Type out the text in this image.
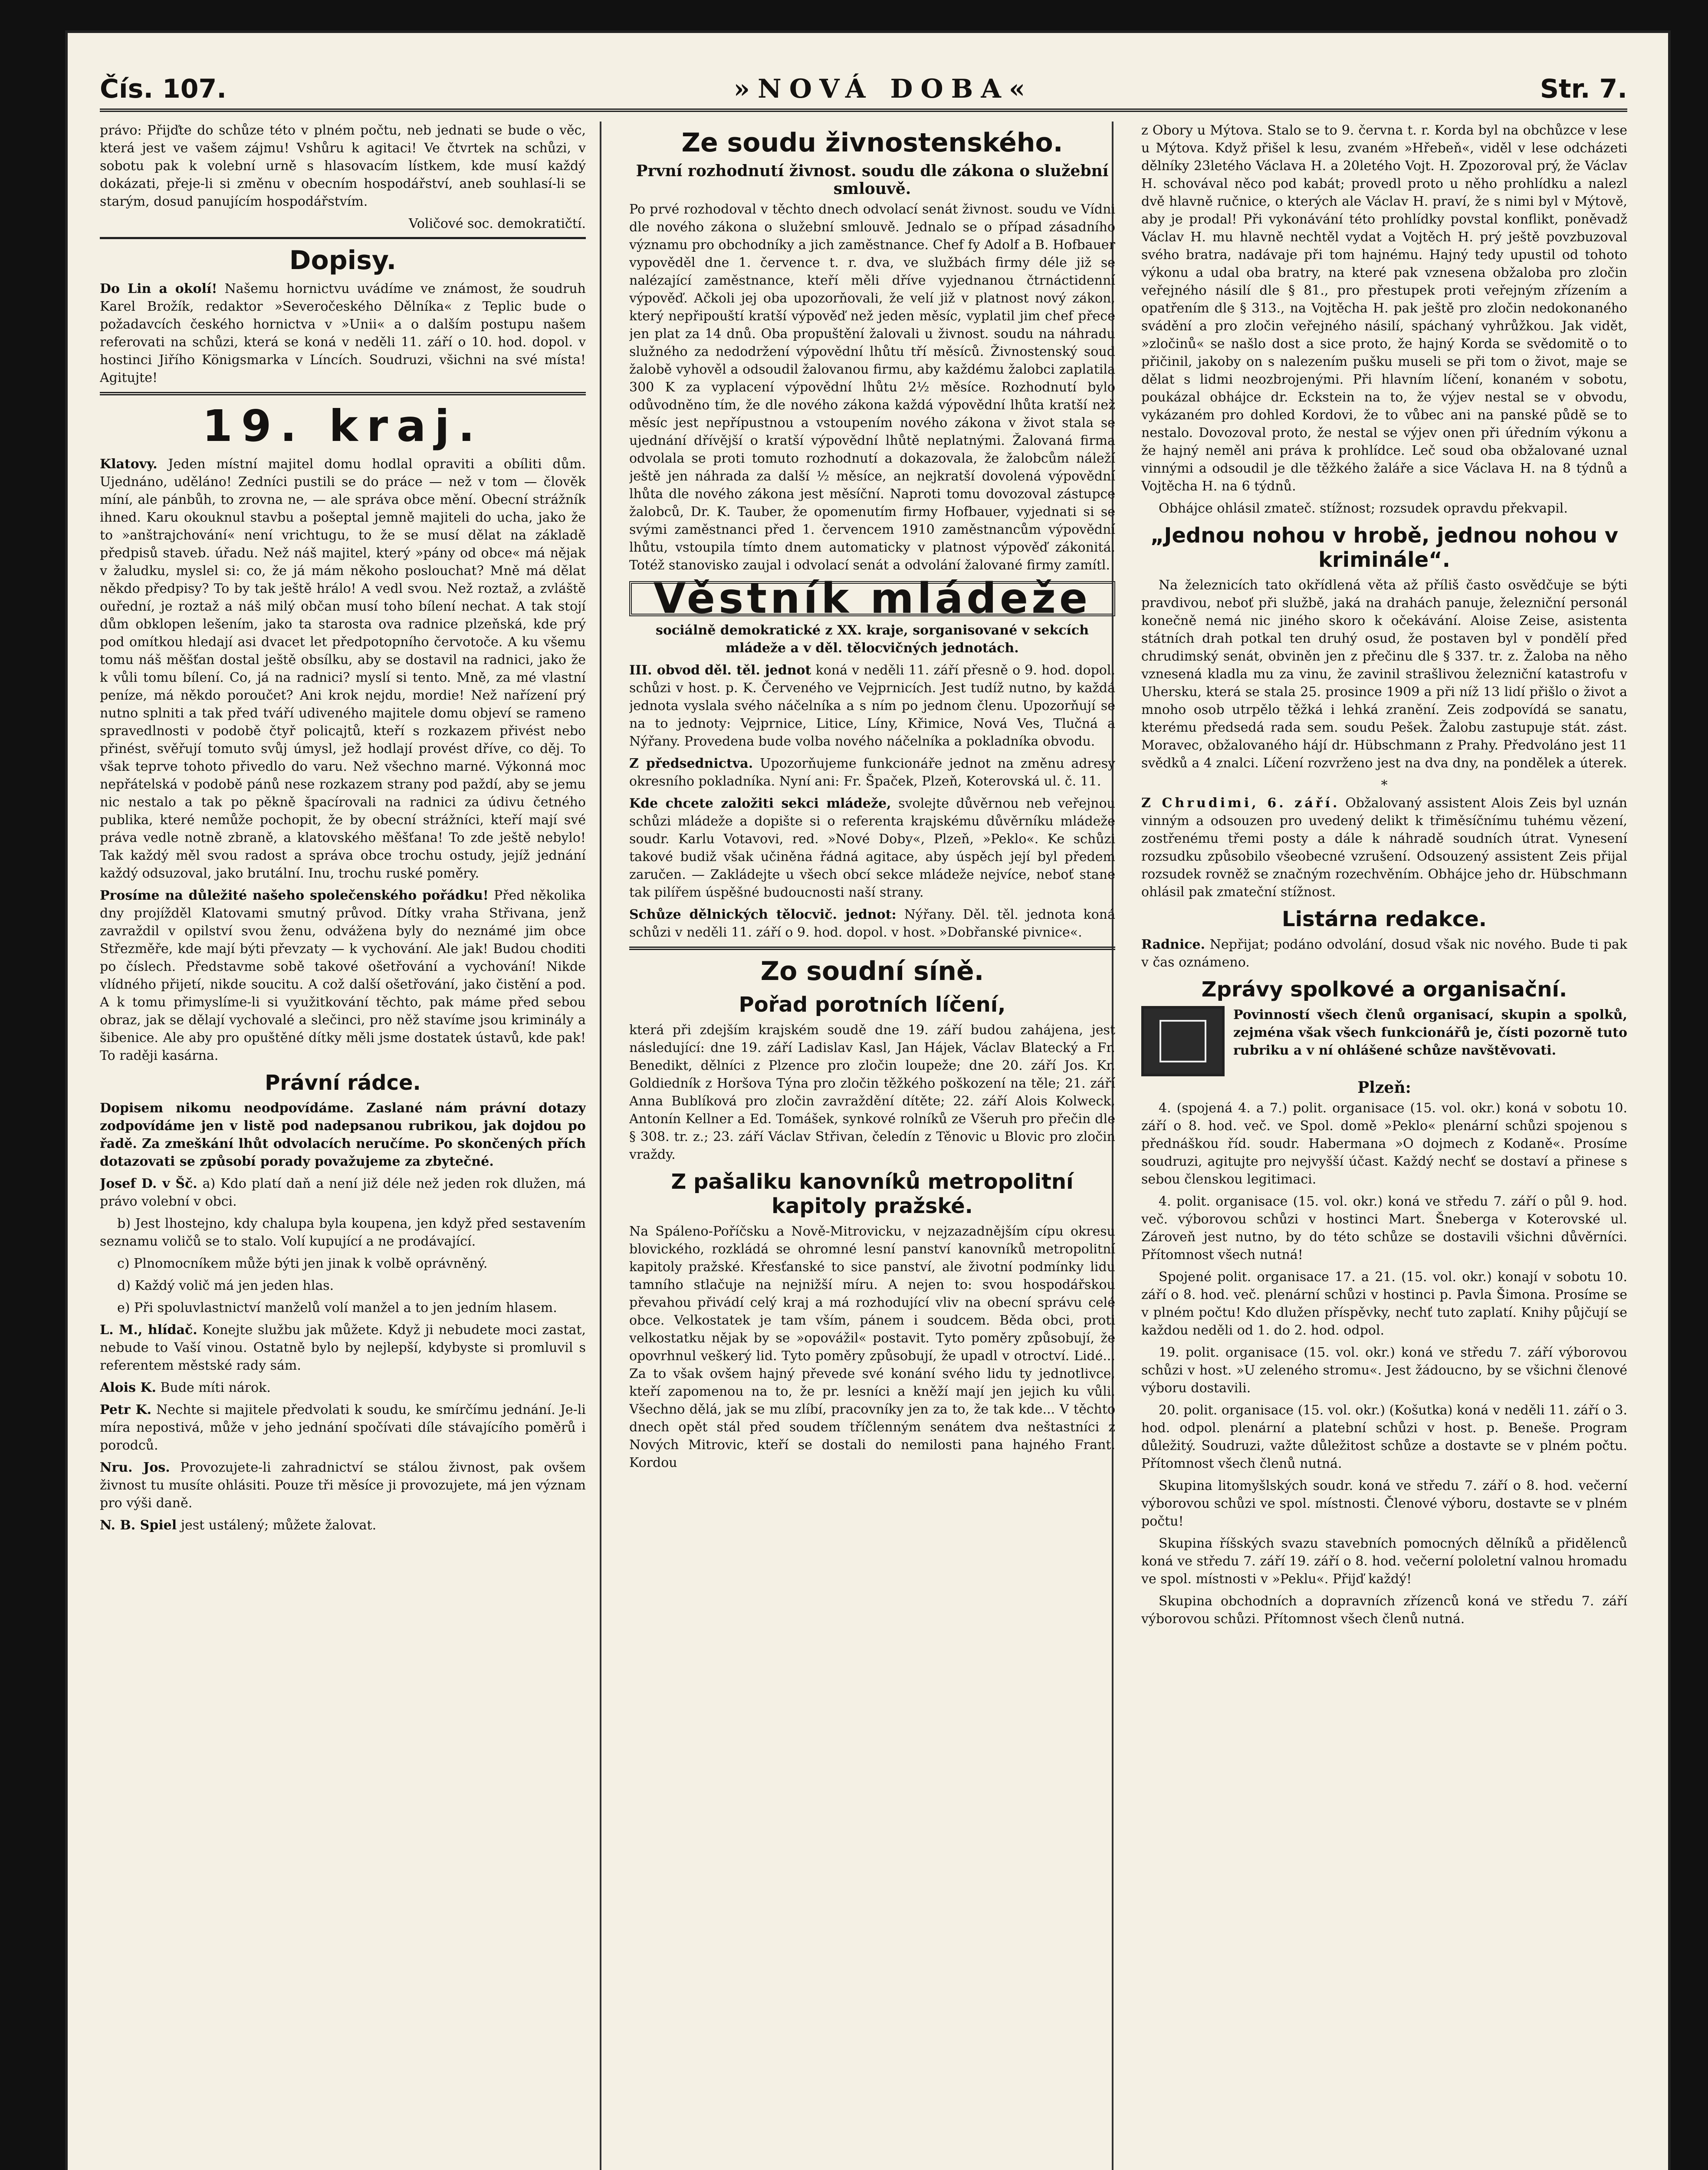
Čís. 107.	»NOVÁ DOBA«	Str. 7.

právo: Přijďte do schůze této v plném počtu, neb jednati se bude o věc, která jest ve vašem zájmu! Vshůru k agitaci! Ve čtvrtek na schůzi, v sobotu pak k volební urně s hlasovacím lístkem, kde musí každý dokázati, přeje-li si změnu v obecním hospodářství, aneb souhlasí-li se starým, dosud panujícím hospodářstvím.

Voličové soc. demokratičtí.

Dopisy.

Do Lin a okolí! Našemu hornictvu uvádíme ve známost, že soudruh Karel Brožík, redaktor »Severočeského Dělníka« z Teplic bude o požadavcích českého hornictva v »Unii« a o dalším postupu našem referovati na schůzi, která se koná v neděli 11. září o 10. hod. dopol. v hostinci Jiřího Königsmarka v Líncích. Soudruzi, všichni na své místa! Agitujte!

19. kraj.

Klatovy. Jeden místní majitel domu hodlal opraviti a obíliti dům. Ujednáno, uděláno! Zedníci pustili se do práce — než v tom — člověk míní, ale pánbůh, to zrovna ne, — ale správa obce mění. Obecní strážník ihned. Karu okouknul stavbu a pošeptal jemně majiteli do ucha, jako že to »anštrajchování« není vrichtugu, to že se musí dělat na základě předpisů staveb. úřadu. Než náš majitel, který »pány od obce« má nějak v žaludku, myslel si: co, že já mám někoho poslouchat? Mně má dělat někdo předpisy? To by tak ještě hrálo! A vedl svou. Než roztaž, a zvláště ouřední, je roztaž a náš milý občan musí toho bílení nechat. A tak stojí dům obklopen lešením, jako ta starosta ova radnice plzeňská, kde prý pod omítkou hledají asi dvacet let předpotopního červotoče. A ku všemu tomu náš měšťan dostal ještě obsílku, aby se dostavil na radnici, jako že k vůli tomu bílení. Co, já na radnici? myslí si tento. Mně, za mé vlastní peníze, má někdo poroučet? Ani krok nejdu, mordie! Než nařízení prý nutno splniti a tak před tváří udiveného majitele domu objeví se rameno spravedlnosti v podobě čtyř policajtů, kteří s rozkazem přivést nebo přinést, svěřují tomuto svůj úmysl, jež hodlají provést dříve, co děj. To však teprve tohoto přivedlo do varu. Než všechno marné. Výkonná moc nepřátelská v podobě pánů nese rozkazem strany pod paždí, aby se jemu nic nestalo a tak po pěkně špacírovali na radnici za údivu četného publika, které nemůže pochopit, že by obecní strážníci, kteří mají své práva vedle notně zbraně, a klatovského měšťana! To zde ještě nebylo! Tak každý měl svou radost a správa obce trochu ostudy, jejíž jednání každý odsuzoval, jako brutální. Inu, trochu ruské poměry.

Prosíme na důležité našeho společenského pořádku! Před několika dny projížděl Klatovami smutný průvod. Dítky vraha Střivana, jenž zavraždil v opilství svou ženu, odvážena byly do neznámé jim obce Střezměře, kde mají býti převzaty — k vychování. Ale jak! Budou choditi po číslech. Představme sobě takové ošetřování a vychování! Nikde vlídného přijetí, nikde soucitu. A což další ošetřování, jako čistění a pod. A k tomu přimyslíme-li si využitkování těchto, pak máme před sebou obraz, jak se dělají vychovalé a slečinci, pro něž stavíme jsou kriminály a šibenice. Ale aby pro opuštěné dítky měli jsme dostatek ústavů, kde pak! To raději kasárna.

Právní rádce.

Dopisem nikomu neodpovídáme. Zaslané nám právní dotazy zodpovídáme jen v listě pod nadepsanou rubrikou, jak dojdou po řadě. Za zmeškání lhůt odvolacích neručíme. Po skončených přích dotazovati se způsobí porady považujeme za zbytečné.

Josef D. v Šč. a) Kdo platí daň a není již déle než jeden rok dlužen, má právo volební v obci.

b) Jest lhostejno, kdy chalupa byla koupena, jen když před sestavením seznamu voličů se to stalo. Volí kupující a ne prodávající.

c) Plnomocníkem může býti jen jinak k volbě oprávněný.

d) Každý volič má jen jeden hlas.

e) Při spoluvlastnictví manželů volí manžel a to jen jedním hlasem.

L. M., hlídač. Konejte službu jak můžete. Když ji nebudete moci zastat, nebude to Vaší vinou. Ostatně bylo by nejlepší, kdybyste si promluvil s referentem městské rady sám.

Alois K. Bude míti nárok.

Petr K. Nechte si majitele předvolati k soudu, ke smírčímu jednání. Je-li míra nepostivá, může v jeho jednání spočívati díle stávajícího poměrů i porodců.

Nru. Jos. Provozujete-li zahradnictví se stálou živnost, pak ovšem živnost tu musíte ohlásiti. Pouze tři měsíce ji provozujete, má jen význam pro výši daně.

N. B. Spiel jest ustálený; můžete žalovat.

Ze soudu živnostenského.
První rozhodnutí živnost. soudu dle zákona o služební smlouvě.

Po prvé rozhodoval v těchto dnech odvolací senát živnost. soudu ve Vídni dle nového zákona o služební smlouvě. Jednalo se o případ zásadního významu pro obchodníky a jich zaměstnance. Chef fy Adolf a B. Hofbauer vypověděl dne 1. července t. r. dva, ve službách firmy déle již se nalézající zaměstnance, kteří měli dříve vyjednanou čtrnáctidenní výpověď. Ačkoli jej oba upozorňovali, že velí již v platnost nový zákon, který nepřipouští kratší výpověď než jeden měsíc, vyplatil jim chef přece jen plat za 14 dnů. Oba propuštění žalovali u živnost. soudu na náhradu služného za nedodržení výpovědní lhůtu tří měsíců. Živnostenský soud žalobě vyhověl a odsoudil žalovanou firmu, aby každému žalobci zaplatila 300 K za vyplacení výpovědní lhůtu 2½ měsíce. Rozhodnutí bylo odůvodněno tím, že dle nového zákona každá výpovědní lhůta kratší než měsíc jest nepřípustnou a vstoupením nového zákona v život stala se ujednání dřívější o kratší výpovědní lhůtě neplatnými. Žalovaná firma odvolala se proti tomuto rozhodnutí a dokazovala, že žalobcům náleží ještě jen náhrada za další ½ měsíce, an nejkratší dovolená výpovědní lhůta dle nového zákona jest měsíční. Naproti tomu dovozoval zástupce žalobců, Dr. K. Tauber, že opomenutím firmy Hofbauer, vyjednati si se svými zaměstnanci před 1. červencem 1910 zaměstnancům výpovědní lhůtu, vstoupila tímto dnem automaticky v platnost výpověď zákonitá. Totéž stanovisko zaujal i odvolací senát a odvolání žalované firmy zamítl.

Věstník mládeže

sociálně demokratické z XX. kraje, sorganisované v sekcích mládeže a v děl. tělocvičných jednotách.

III. obvod děl. těl. jednot koná v neděli 11. září přesně o 9. hod. dopol. schůzi v host. p. K. Červeného ve Vejprnicích. Jest tudíž nutno, by každá jednota vyslala svého náčelníka a s ním po jednom členu. Upozorňují se na to jednoty: Vejprnice, Litice, Líny, Křimice, Nová Ves, Tlučná a Nýřany. Provedena bude volba nového náčelníka a pokladníka obvodu.

Z předsednictva. Upozorňujeme funkcionáře jednot na změnu adresy okresního pokladníka. Nyní ani: Fr. Špaček, Plzeň, Koterovská ul. č. 11.

Kde chcete založiti sekci mládeže, svolejte důvěrnou neb veřejnou schůzi mládeže a dopište si o referenta krajskému důvěrníku mládeže soudr. Karlu Votavovi, red. »Nové Doby«, Plzeň, »Peklo«. Ke schůzi takové budiž však učiněna řádná agitace, aby úspěch její byl předem zaručen. — Zakládejte u všech obcí sekce mládeže nejvíce, neboť stane tak pilířem úspěšné budoucnosti naší strany.

Schůze dělnických tělocvič. jednot: Nýřany. Děl. těl. jednota koná schůzi v neděli 11. září o 9. hod. dopol. v host. »Dobřanské pivnice«.

Zo soudní síně.
Pořad porotních líčení,

která při zdejším krajském soudě dne 19. září budou zahájena, jest následující: dne 19. září Ladislav Kasl, Jan Hájek, Václav Blatecký a Fr. Benedikt, dělníci z Plzence pro zločin loupeže; dne 20. září Jos. Kr. Goldiedník z Horšova Týna pro zločin těžkého poškození na těle; 21. září Anna Bublíková pro zločin zavraždění dítěte; 22. září Alois Kolweck, Antonín Kellner a Ed. Tomášek, synkové rolníků ze Všeruh pro přečin dle § 308. tr. z.; 23. září Václav Střivan, čeledín z Těnovic u Blovic pro zločin vraždy.

Z pašaliku kanovníků metropolitní kapitoly pražské.

Na Spáleno-Poříčsku a Nově-Mitrovicku, v nejzazadnějším cípu okresu blovického, rozkládá se ohromné lesní panství kanovníků metropolitní kapitoly pražské. Křesťanské to sice panství, ale životní podmínky lidu tamního stlačuje na nejnižší míru. A nejen to: svou hospodářskou převahou přivádí celý kraj a má rozhodující vliv na obecní správu celé obce. Velkostatek je tam vším, pánem i soudcem. Běda obci, proti velkostatku nějak by se »opovážil« postavit. Tyto poměry způsobují, že opovrhnul veškerý lid. Tyto poměry způsobují, že upadl v otroctví. Lidé... Za to však ovšem hajný převede své konání svého lidu ty jednotlivce, kteří zapomenou na to, že pr. lesníci a kněží mají jen jejich ku vůli. Všechno dělá, jak se mu zlíbí, pracovníky jen za to, že tak kde... V těchto dnech opět stál před soudem tříčlenným senátem dva neštastníci z Nových Mitrovic, kteří se dostali do nemilosti pana hajného Frant. Kordou

z Obory u Mýtova. Stalo se to 9. června t. r. Korda byl na obchůzce v lese u Mýtova. Když přišel k lesu, zvaném »Hřebeň«, viděl v lese odcházeti dělníky 23letého Václava H. a 20letého Vojt. H. Zpozoroval prý, že Václav H. schovával něco pod kabát; provedl proto u něho prohlídku a nalezl dvě hlavně ručnice, o kterých ale Václav H. praví, že s nimi byl v Mýtově, aby je prodal! Při vykonávání této prohlídky povstal konflikt, poněvadž Václav H. mu hlavně nechtěl vydat a Vojtěch H. prý ještě povzbuzoval svého bratra, nadávaje při tom hajnému. Hajný tedy upustil od tohoto výkonu a udal oba bratry, na které pak vznesena obžaloba pro zločin veřejného násilí dle § 81., pro přestupek proti veřejným zřízením a opatřením dle § 313., na Vojtěcha H. pak ještě pro zločin nedokonaného svádění a pro zločin veřejného násilí, spáchaný vyhrůžkou. Jak vidět, »zločinů« se našlo dost a sice proto, že hajný Korda se svědomitě o to přičinil, jakoby on s nalezením pušku museli se při tom o život, maje se dělat s lidmi neozbrojenými. Při hlavním líčení, konaném v sobotu, poukázal obhájce dr. Eckstein na to, že výjev nestal se v obvodu, vykázaném pro dohled Kordovi, že to vůbec ani na panské půdě se to nestalo. Dovozoval proto, že nestal se výjev onen při úředním výkonu a že hajný neměl ani práva k prohlídce. Leč soud oba obžalované uznal vinnými a odsoudil je dle těžkého žaláře a sice Václava H. na 8 týdnů a Vojtěcha H. na 6 týdnů.

Obhájce ohlásil zmateč. stížnost; rozsudek opravdu překvapil.

„Jednou nohou v hrobě, jednou nohou v kriminále“.

Na železnicích tato okřídlená věta až příliš často osvědčuje se býti pravdivou, neboť při službě, jaká na drahách panuje, železniční personál konečně nemá nic jiného skoro k očekávání. Aloise Zeise, asistenta státních drah potkal ten druhý osud, že postaven byl v pondělí před chrudimský senát, obviněn jen z přečinu dle § 337. tr. z. Žaloba na něho vznesená kladla mu za vinu, že zavinil strašlivou železniční katastrofu v Uhersku, která se stala 25. prosince 1909 a při níž 13 lidí přišlo o život a mnoho osob utrpělo těžká i lehká zranění. Zeis zodpovídá se sanatu, kterému předsedá rada sem. soudu Pešek. Žalobu zastupuje stát. zást. Moravec, obžalovaného hájí dr. Hübschmann z Prahy. Předvoláno jest 11 svědků a 4 znalci. Líčení rozvrženo jest na dva dny, na pondělek a úterek.

*

Z Chrudimi, 6. září. Obžalovaný assistent Alois Zeis byl uznán vinným a odsouzen pro uvedený delikt k třiměsíčnímu tuhému vězení, zostřenému třemi posty a dále k náhradě soudních útrat. Vynesení rozsudku způsobilo všeobecné vzrušení. Odsouzený assistent Zeis přijal rozsudek rovněž se značným rozechvěním. Obhájce jeho dr. Hübschmann ohlásil pak zmateční stížnost.

Listárna redakce.

Radnice. Nepřijat; podáno odvolání, dosud však nic nového. Bude ti pak v čas oznámeno.

Zprávy spolkové a organisační.

Povinností všech členů organisací, skupin a spolků, zejména však všech funkcionářů je, čísti pozorně tuto rubriku a v ní ohlášené schůze navštěvovati.

Plzeň:

4. (spojená 4. a 7.) polit. organisace (15. vol. okr.) koná v sobotu 10. září o 8. hod. več. ve Spol. domě »Peklo« plenární schůzi spojenou s přednáškou říd. soudr. Habermana »O dojmech z Kodaně«. Prosíme soudruzi, agitujte pro nejvyšší účast. Každý nechť se dostaví a přinese s sebou členskou legitimaci.

4. polit. organisace (15. vol. okr.) koná ve středu 7. září o půl 9. hod. več. výborovou schůzi v hostinci Mart. Šneberga v Koterovské ul. Zároveň jest nutno, by do této schůze se dostavili všichni důvěrníci. Přítomnost všech nutná!

Spojené polit. organisace 17. a 21. (15. vol. okr.) konají v sobotu 10. září o 8. hod. več. plenární schůzi v hostinci p. Pavla Šimona. Prosíme se v plném počtu! Kdo dlužen příspěvky, nechť tuto zaplatí. Knihy půjčují se každou neděli od 1. do 2. hod. odpol.

19. polit. organisace (15. vol. okr.) koná ve středu 7. září výborovou schůzi v host. »U zeleného stromu«. Jest žádoucno, by se všichni členové výboru dostavili.

20. polit. organisace (15. vol. okr.) (Košutka) koná v neděli 11. září o 3. hod. odpol. plenární a platební schůzi v host. p. Beneše. Program důležitý. Soudruzi, važte důležitost schůze a dostavte se v plném počtu. Přítomnost všech členů nutná.

Skupina litomyšlských soudr. koná ve středu 7. září o 8. hod. večerní výborovou schůzi ve spol. místnosti. Členové výboru, dostavte se v plném počtu!

Skupina říšských svazu stavebních pomocných dělníků a přidělenců koná ve středu 7. září 19. září o 8. hod. večerní pololetní valnou hromadu ve spol. místnosti v »Peklu«. Přijď každý!

Skupina obchodních a dopravních zřízenců koná ve středu 7. září výborovou schůzi. Přítomnost všech členů nutná.
